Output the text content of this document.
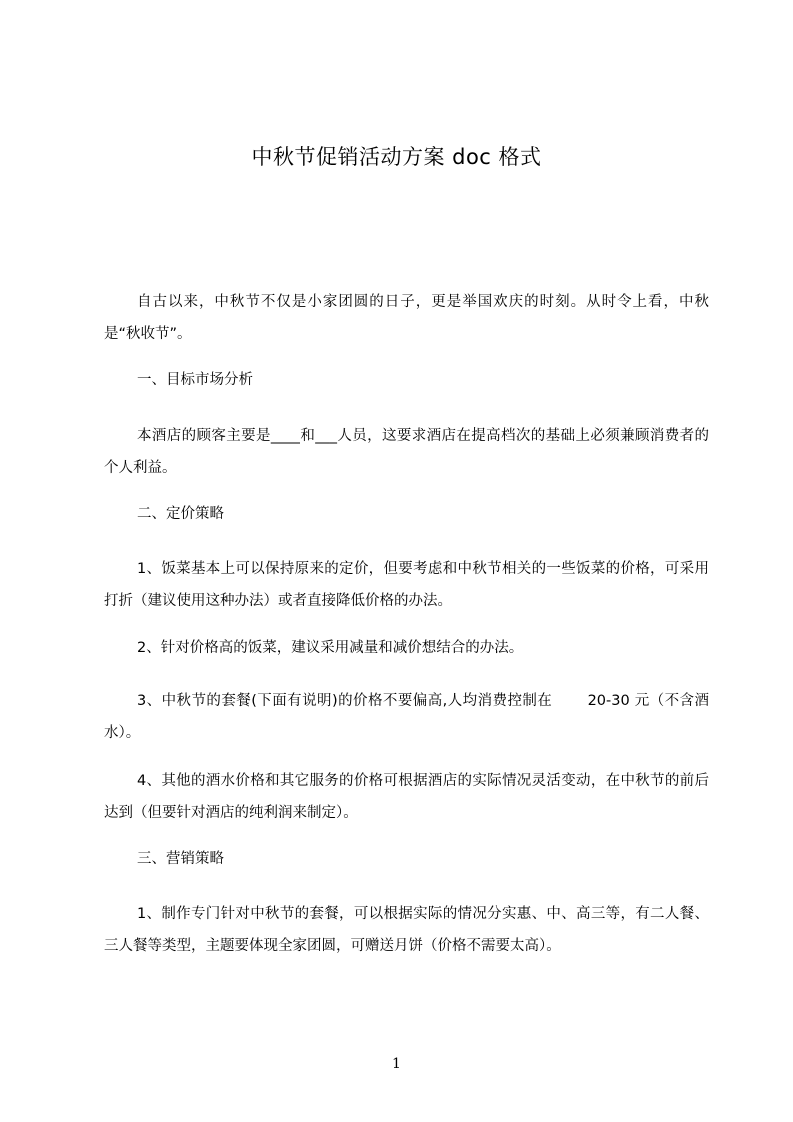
中秋节促销活动方案 doc 格式
自古以来，中秋节不仅是小家团圆的日子，更是举国欢庆的时刻。从时令上看，中秋是“秋收节”。
一、目标市场分析
本酒店的顾客主要是____和___人员，这要求酒店在提高档次的基础上必须兼顾消费者的个人利益。
二、定价策略
1、饭菜基本上可以保持原来的定价，但要考虑和中秋节相关的一些饭菜的价格，可采用打折（建议使用这种办法）或者直接降低价格的办法。
2、针对价格高的饭菜，建议采用减量和减价想结合的办法。
3、中秋节的套餐(下面有说明)的价格不要偏高,人均消费控制在       20-30 元（不含酒水）。
4、其他的酒水价格和其它服务的价格可根据酒店的实际情况灵活变动，在中秋节的前后达到（但要针对酒店的纯利润来制定）。
三、营销策略
1、制作专门针对中秋节的套餐，可以根据实际的情况分实惠、中、高三等，有二人餐、三人餐等类型，主题要体现全家团圆，可赠送月饼（价格不需要太高）。
1
